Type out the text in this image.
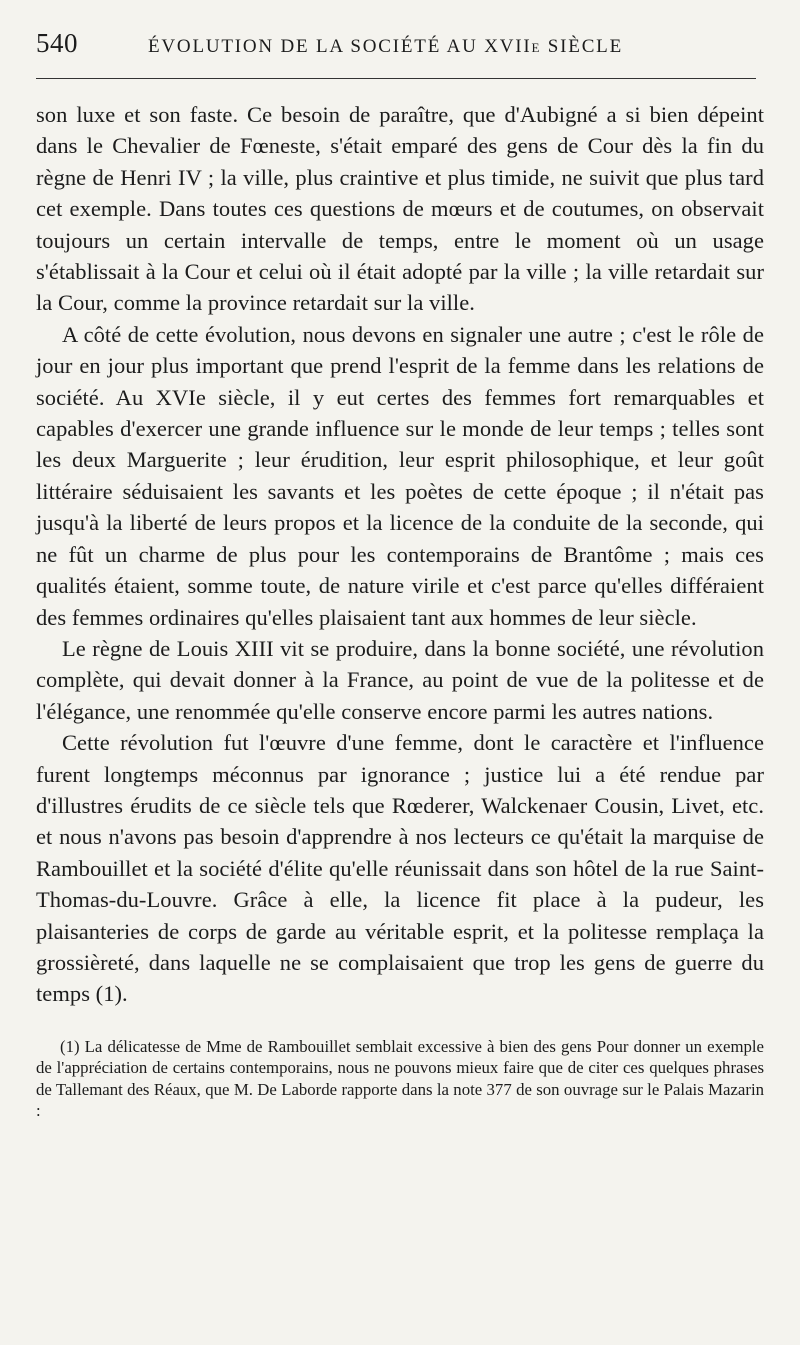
540	ÉVOLUTION DE LA SOCIÉTÉ AU XVIIe SIÈCLE

son luxe et son faste. Ce besoin de paraître, que d'Aubigné a si bien dépeint dans le Chevalier de Fœneste, s'était emparé des gens de Cour dès la fin du règne de Henri IV ; la ville, plus craintive et plus timide, ne suivit que plus tard cet exemple. Dans toutes ces questions de mœurs et de coutumes, on observait toujours un certain intervalle de temps, entre le moment où un usage s'établissait à la Cour et celui où il était adopté par la ville ; la ville retardait sur la Cour, comme la province retardait sur la ville.

A côté de cette évolution, nous devons en signaler une autre ; c'est le rôle de jour en jour plus important que prend l'esprit de la femme dans les relations de société. Au XVIe siècle, il y eut certes des femmes fort remarquables et capables d'exercer une grande influence sur le monde de leur temps ; telles sont les deux Marguerite ; leur érudition, leur esprit philosophique, et leur goût littéraire séduisaient les savants et les poètes de cette époque ; il n'était pas jusqu'à la liberté de leurs propos et la licence de la conduite de la seconde, qui ne fût un charme de plus pour les contemporains de Brantôme ; mais ces qualités étaient, somme toute, de nature virile et c'est parce qu'elles différaient des femmes ordinaires qu'elles plaisaient tant aux hommes de leur siècle.

Le règne de Louis XIII vit se produire, dans la bonne société, une révolution complète, qui devait donner à la France, au point de vue de la politesse et de l'élégance, une renommée qu'elle conserve encore parmi les autres nations.

Cette révolution fut l'œuvre d'une femme, dont le caractère et l'influence furent longtemps méconnus par ignorance ; justice lui a été rendue par d'illustres érudits de ce siècle tels que Rœderer, Walckenaer Cousin, Livet, etc. et nous n'avons pas besoin d'apprendre à nos lecteurs ce qu'était la marquise de Rambouillet et la société d'élite qu'elle réunissait dans son hôtel de la rue Saint-Thomas-du-Louvre. Grâce à elle, la licence fit place à la pudeur, les plaisanteries de corps de garde au véritable esprit, et la politesse remplaça la grossièreté, dans laquelle ne se complaisaient que trop les gens de guerre du temps (1).

(1) La délicatesse de Mme de Rambouillet semblait excessive à bien des gens Pour donner un exemple de l'appréciation de certains contemporains, nous ne pouvons mieux faire que de citer ces quelques phrases de Tallemant des Réaux, que M. De Laborde rapporte dans la note 377 de son ouvrage sur le Palais Mazarin :
